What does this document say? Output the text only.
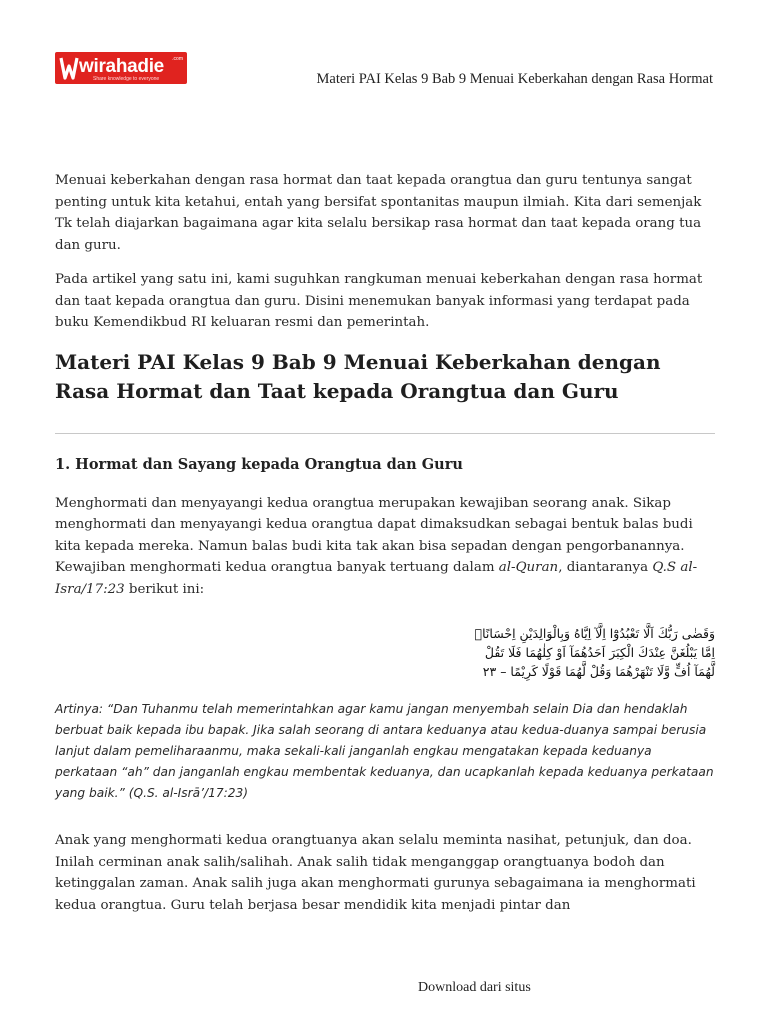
wirahadie .com
Share knowledge to everyone	Materi PAI Kelas 9 Bab 9 Menuai Keberkahan dengan Rasa Hormat

Menuai keberkahan dengan rasa hormat dan taat kepada orangtua dan guru tentunya sangat penting untuk kita ketahui, entah yang bersifat spontanitas maupun ilmiah. Kita dari semenjak Tk telah diajarkan bagaimana agar kita selalu bersikap rasa hormat dan taat kepada orang tua dan guru.

Pada artikel yang satu ini, kami suguhkan rangkuman menuai keberkahan dengan rasa hormat dan taat kepada orangtua dan guru. Disini menemukan banyak informasi yang terdapat pada buku Kemendikbud RI keluaran resmi dan pemerintah.

Materi PAI Kelas 9 Bab 9 Menuai Keberkahan dengan Rasa Hormat dan Taat kepada Orangtua dan Guru
1. Hormat dan Sayang kepada Orangtua dan Guru

Menghormati dan menyayangi kedua orangtua merupakan kewajiban seorang anak. Sikap menghormati dan menyayangi kedua orangtua dapat dimaksudkan sebagai bentuk balas budi kita kepada mereka. Namun balas budi kita tak akan bisa sepadan dengan pengorbanannya. Kewajiban menghormati kedua orangtua banyak tertuang dalam al-Quran, diantaranya Q.S al-Isra/17:23 berikut ini:

وَقَضٰى رَبُّكَ اَلَّا تَعْبُدُوْٓا اِلَّآ اِيَّاهُ وَبِالْوَالِدَيْنِ اِحْسَانًاۗ
اِمَّا يَبْلُغَنَّ عِنْدَكَ الْكِبَرَ اَحَدُهُمَآ اَوْ كِلٰهُمَا فَلَا تَقُلْ
لَّهُمَآ اُفٍّ وَّلَا تَنْهَرْهُمَا وَقُلْ لَّهُمَا قَوْلًا كَرِيْمًا – ٢٣

Artinya: “Dan Tuhanmu telah memerintahkan agar kamu jangan menyembah selain Dia dan hendaklah berbuat baik kepada ibu bapak. Jika salah seorang di antara keduanya atau kedua-duanya sampai berusia lanjut dalam pemeliharaanmu, maka sekali-kali janganlah engkau mengatakan kepada keduanya perkataan “ah” dan janganlah engkau membentak keduanya, dan ucapkanlah kepada keduanya perkataan yang baik.” (Q.S. al-Isrā’/17:23)

Anak yang menghormati kedua orangtuanya akan selalu meminta nasihat, petunjuk, dan doa. Inilah cerminan anak salih/salihah. Anak salih tidak menganggap orangtuanya bodoh dan ketinggalan zaman. Anak salih juga akan menghormati gurunya sebagaimana ia menghormati kedua orangtua. Guru telah berjasa besar mendidik kita menjadi pintar dan

Download dari situs
